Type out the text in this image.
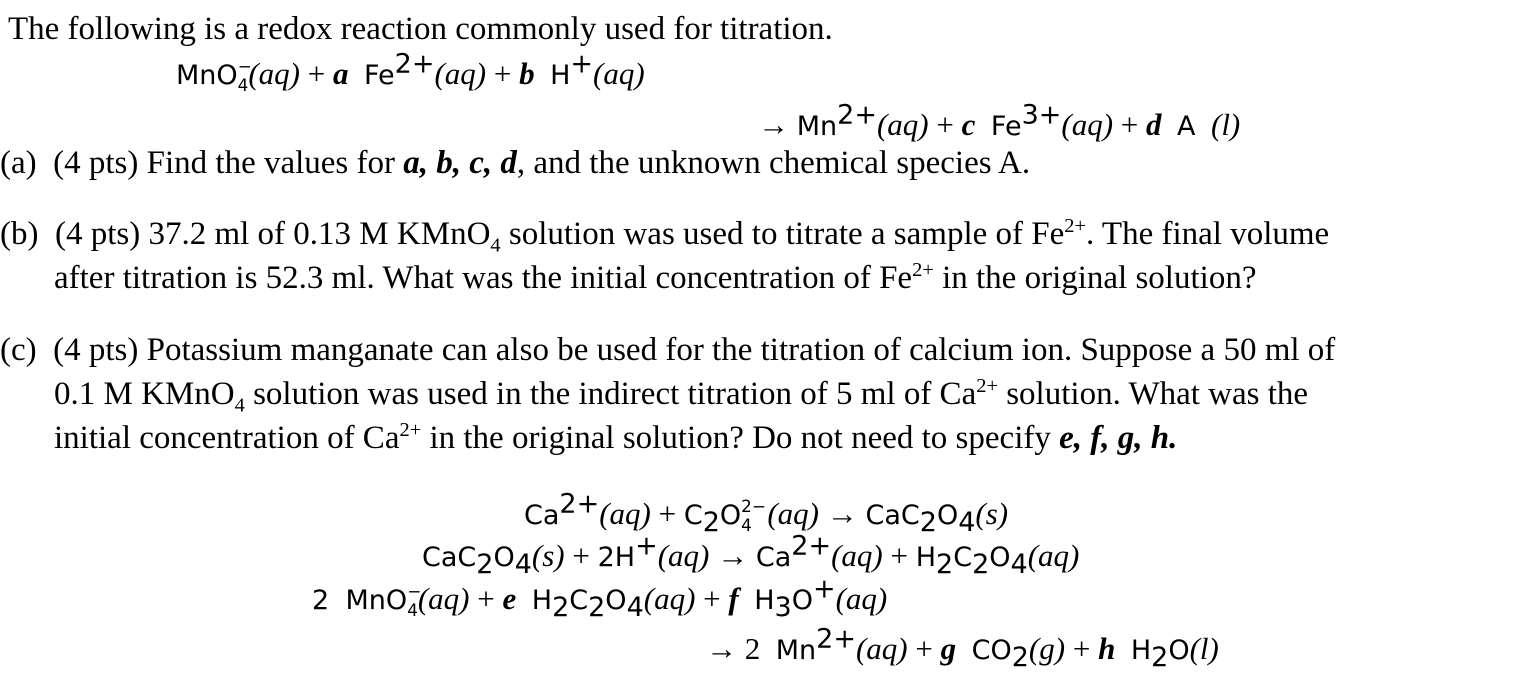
The following is a redox reaction commonly used for titration.
MnO −
$_4$(aq) + a $Fe^{2+}(aq) + b$ H+(aq)
→ $Mn^{2+}(aq) + c$ $Fe^{3+}(aq) + d$ A (l)
(a) (4 pts) Find the values for a, b, c, d, and the unknown chemical species A.
(b) (4 pts) 37.2 ml of 0.13 M KMnO$_4$ solution was used to titrate a sample of $Fe^{2+}$. The final volume
after titration is 52.3 ml. What was the initial concentration of $Fe^{2+}$ in the original solution?
(c) (4 pts) Potassium manganate can also be used for the titration of calcium ion. Suppose a 50 ml of
0.1 M KMnO$_4$ solution was used in the indirect titration of 5 ml of $Ca^{2+}$ solution. What was the
initial concentration of $Ca^{2+}$ in the original solution? Do not need to specify e, f, g, h.
$Ca^{2+}(aq) + C_2O$ 2−
$_4$ $(aq) \to CaC_2O_4(s)$
$CaC_2O_4(s) + 2H^+(aq) \to Ca^{2+}(aq) + H_2C_2O_4(aq)$
2  MnO −
$_4$(aq) + e $H_2C_2O_4(aq) + f$ $H_3O^+(aq)$
→ 2  $Mn^{2+}(aq) + g$ $CO_2(g) + h$ $H_2O(l)$
